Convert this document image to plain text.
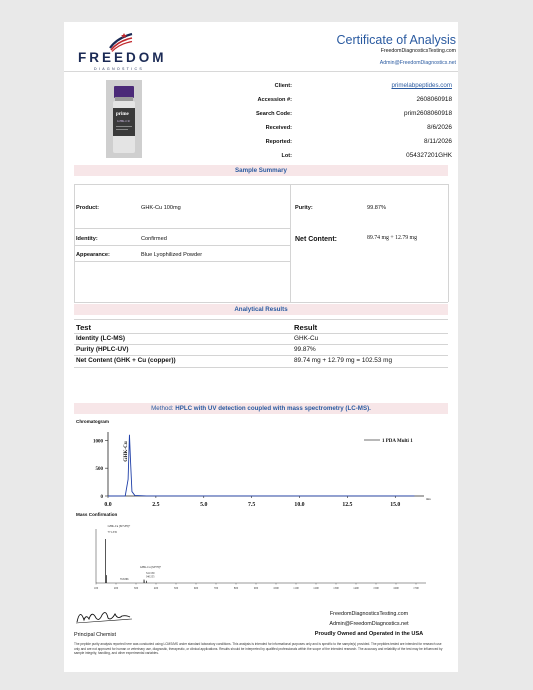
FREEDOM
DIAGNOSTICS
Certificate of Analysis
FreedomDiagnosticsTesting.com
Admin@FreedomDiagnostics.net
prime
GHK-CU
Client:	primelabpeptides.com
Accession #:	2608060918
Search Code:	prim2608060918
Received:	8/6/2026
Reported:	8/11/2026
Lot:	054327201GHK
Sample Summary
Product:	GHK-Cu 100mg	Purity:	99.87%
Identity:	Confirmed	Net Content:	89.74 mg + 12.79 mg
Appearance:	Blue Lyophilized Powder
Analytical Results
Test	Result
Identity (LC-MS)	GHK-Cu
Purity (HPLC-UV)	99.87%
Net Content (GHK + Cu (copper))	89.74 mg + 12.79 mg = 102.53 mg
Method: HPLC with UV detection coupled with mass spectrometry (LC-MS).
Chromatogram
0
500
1000
0.0	2.5	5.0	7.5	10.0	12.5	15.0
min
GHK-Cu	1 PDA Multi 1
Mass Confirmation
100	200	300	400	500	600	700	800	900	1000	1100	1200	1300	1400	1500	1600	1700
GHK-Cu [M+2H]+
771.335
GHK-Cu [M+H]+
341.559
340.555
353.866
Principal Chemist
FreedomDiagnosticsTesting.com
Admin@FreedomDiagnostics.net
Proudly Owned and Operated in the USA
The peptide purity analysis reported here was conducted using LCMS/MS under standard laboratory conditions. This analysis is intended for informational purposes only and is specific to the sample(s) provided. The peptides tested are intended for research use only and are not approved for human or veterinary use, diagnostic, therapeutic, or clinical applications. Results should be interpreted by qualified professionals within the scope of the intended research. The accuracy and reliability of the test may be influenced by sample integrity, handling, and other experimental variables.
